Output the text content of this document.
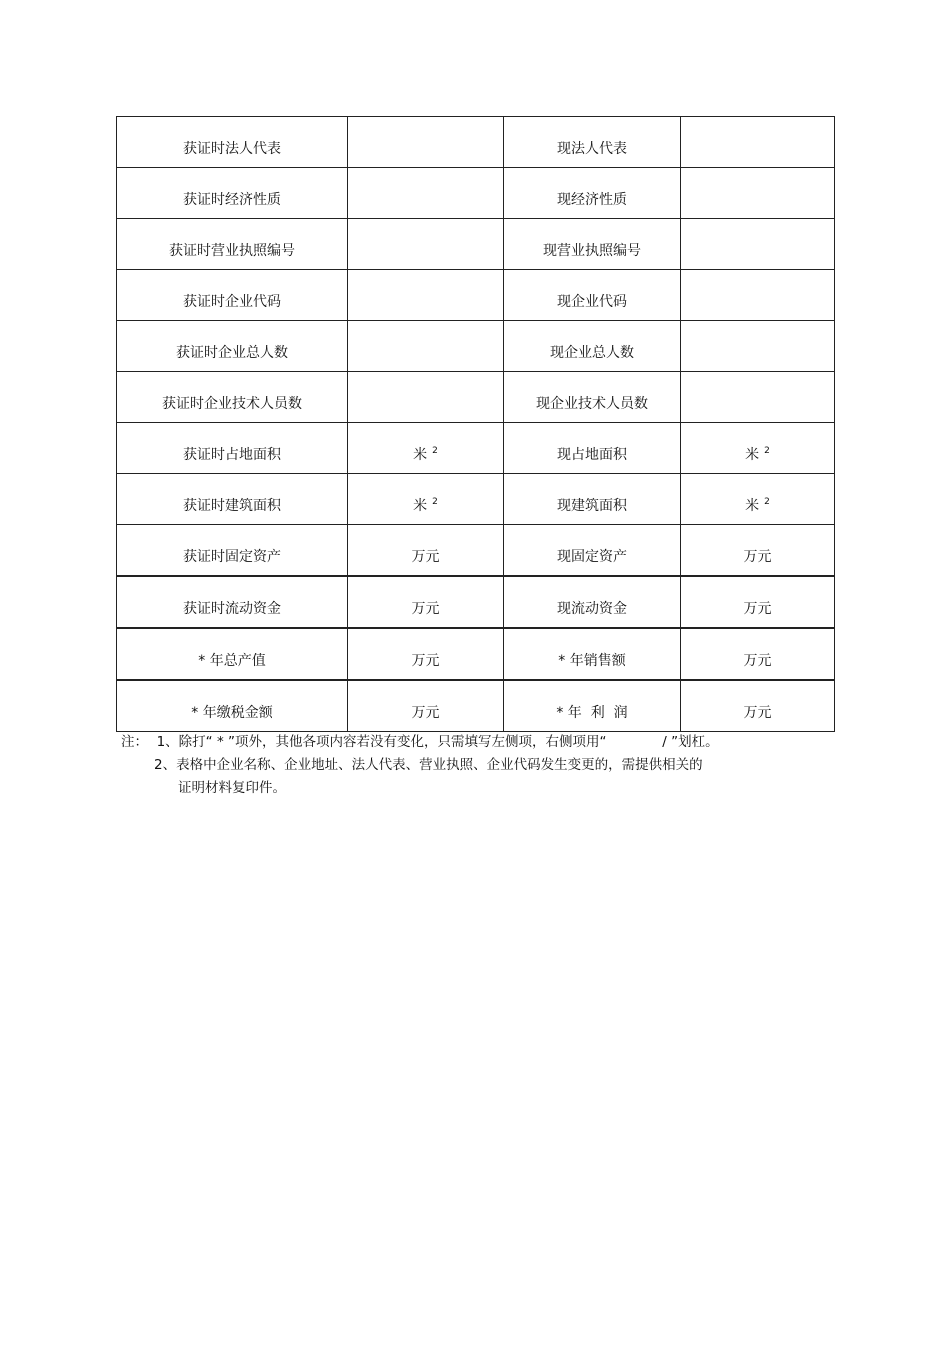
获证时法人代表		现法人代表	

获证时经济性质		现经济性质	

获证时营业执照编号		现营业执照编号	

获证时企业代码		现企业代码	

获证时企业总人数		现企业总人数	

获证时企业技术人员数		现企业技术人员数	

获证时占地面积	米 $^2$	现占地面积	米 $^2$

获证时建筑面积	米 $^2$	现建筑面积	米 $^2$

获证时固定资产	万元	现固定资产	万元

获证时流动资金	万元	现流动资金	万元

* 年总产值	万元	* 年销售额	万元

* 年缴税金额	万元	* 年  利  润	万元
注：  1、除打“ * ”项外，其他各项内容若没有变化，只需填写左侧项，右侧项用“             / ”划杠。
2、表格中企业名称、企业地址、法人代表、营业执照、企业代码发生变更的，需提供相关的
证明材料复印件。
